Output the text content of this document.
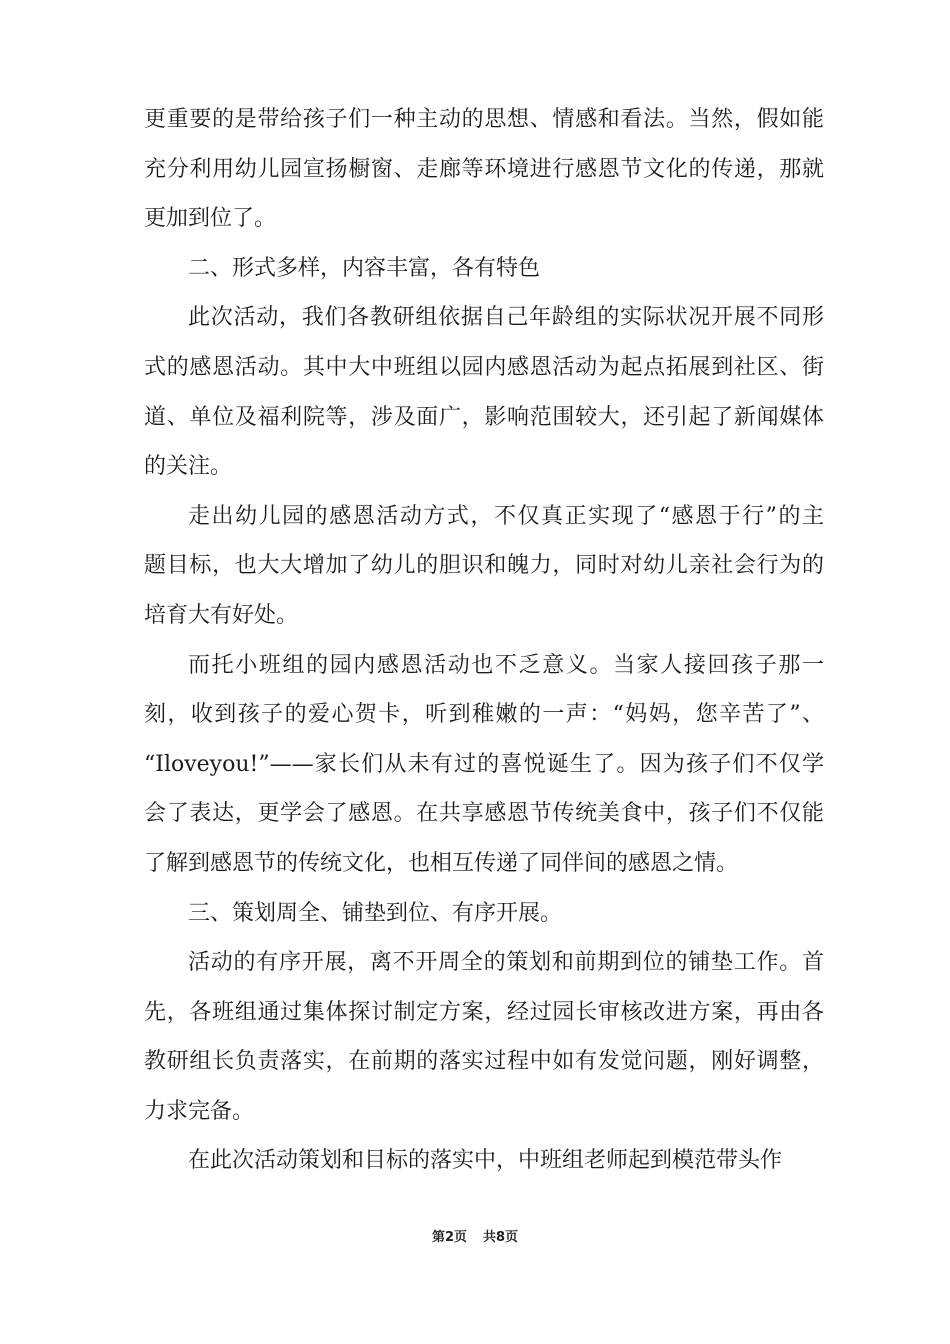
更重要的是带给孩子们一种主动的思想、情感和看法。当然，假如能
充分利用幼儿园宣扬橱窗、走廊等环境进行感恩节文化的传递，那就
更加到位了。
二、形式多样，内容丰富，各有特色
此次活动，我们各教研组依据自己年龄组的实际状况开展不同形
式的感恩活动。其中大中班组以园内感恩活动为起点拓展到社区、街
道、单位及福利院等，涉及面广，影响范围较大，还引起了新闻媒体
的关注。
走出幼儿园的感恩活动方式，不仅真正实现了“感恩于行”的主
题目标，也大大增加了幼儿的胆识和魄力，同时对幼儿亲社会行为的
培育大有好处。
而托小班组的园内感恩活动也不乏意义。当家人接回孩子那一
刻，收到孩子的爱心贺卡，听到稚嫩的一声：“妈妈，您辛苦了”、
“Iloveyou!”——家长们从未有过的喜悦诞生了。因为孩子们不仅学
会了表达，更学会了感恩。在共享感恩节传统美食中，孩子们不仅能
了解到感恩节的传统文化，也相互传递了同伴间的感恩之情。
三、策划周全、铺垫到位、有序开展。
活动的有序开展，离不开周全的策划和前期到位的铺垫工作。首
先，各班组通过集体探讨制定方案，经过园长审核改进方案，再由各
教研组长负责落实，在前期的落实过程中如有发觉问题，刚好调整，
力求完备。
在此次活动策划和目标的落实中，中班组老师起到模范带头作
第2页 共8页
